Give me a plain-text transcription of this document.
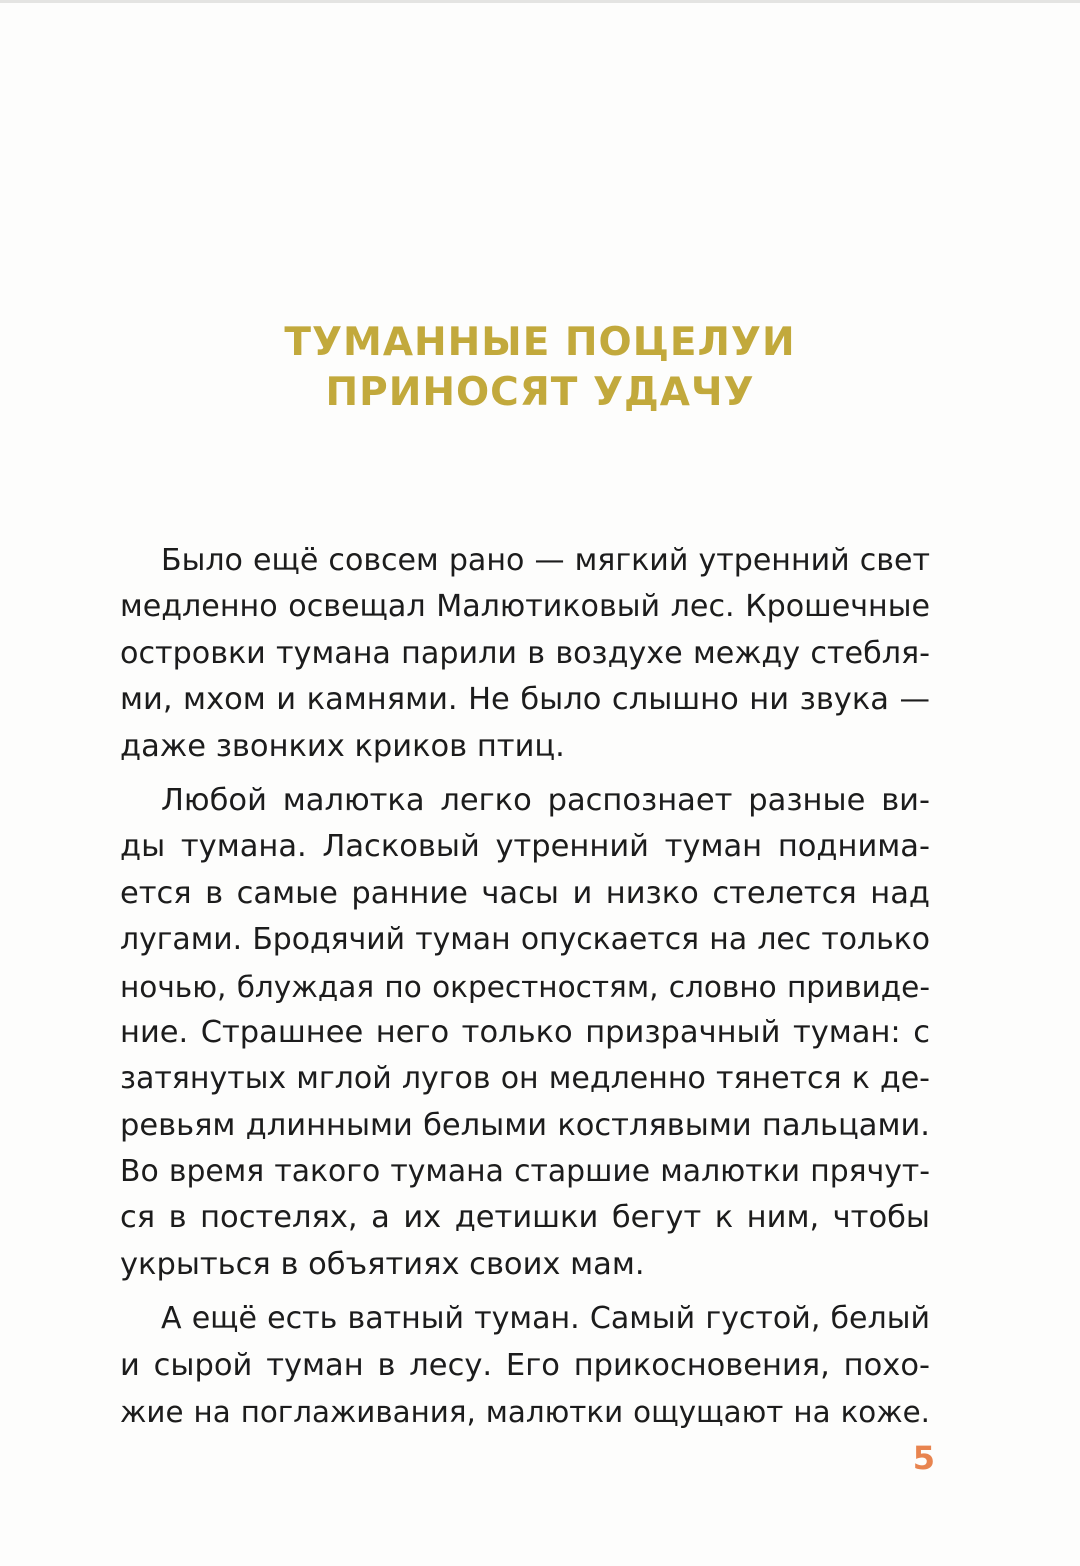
ТУМАННЫЕ ПОЦЕЛУИ
ПРИНОСЯТ УДАЧУ
Было ещё совсем рано — мягкий утренний свет
медленно освещал Малютиковый лес. Крошечные
островки тумана парили в воздухе между стебля-
ми, мхом и камнями. Не было слышно ни звука —
даже звонких криков птиц.
Любой малютка легко распознает разные ви-
ды тумана. Ласковый утренний туман поднима-
ется в самые ранние часы и низко стелется над
лугами. Бродячий туман опускается на лес только
ночью, блуждая по окрестностям, словно привиде-
ние. Страшнее него только призрачный туман: с
затянутых мглой лугов он медленно тянется к де-
ревьям длинными белыми костлявыми пальцами.
Во время такого тумана старшие малютки прячут-
ся в постелях, а их детишки бегут к ним, чтобы
укрыться в объятиях своих мам.
А ещё есть ватный туман. Самый густой, белый
и сырой туман в лесу. Его прикосновения, похо-
жие на поглаживания, малютки ощущают на коже.
5
